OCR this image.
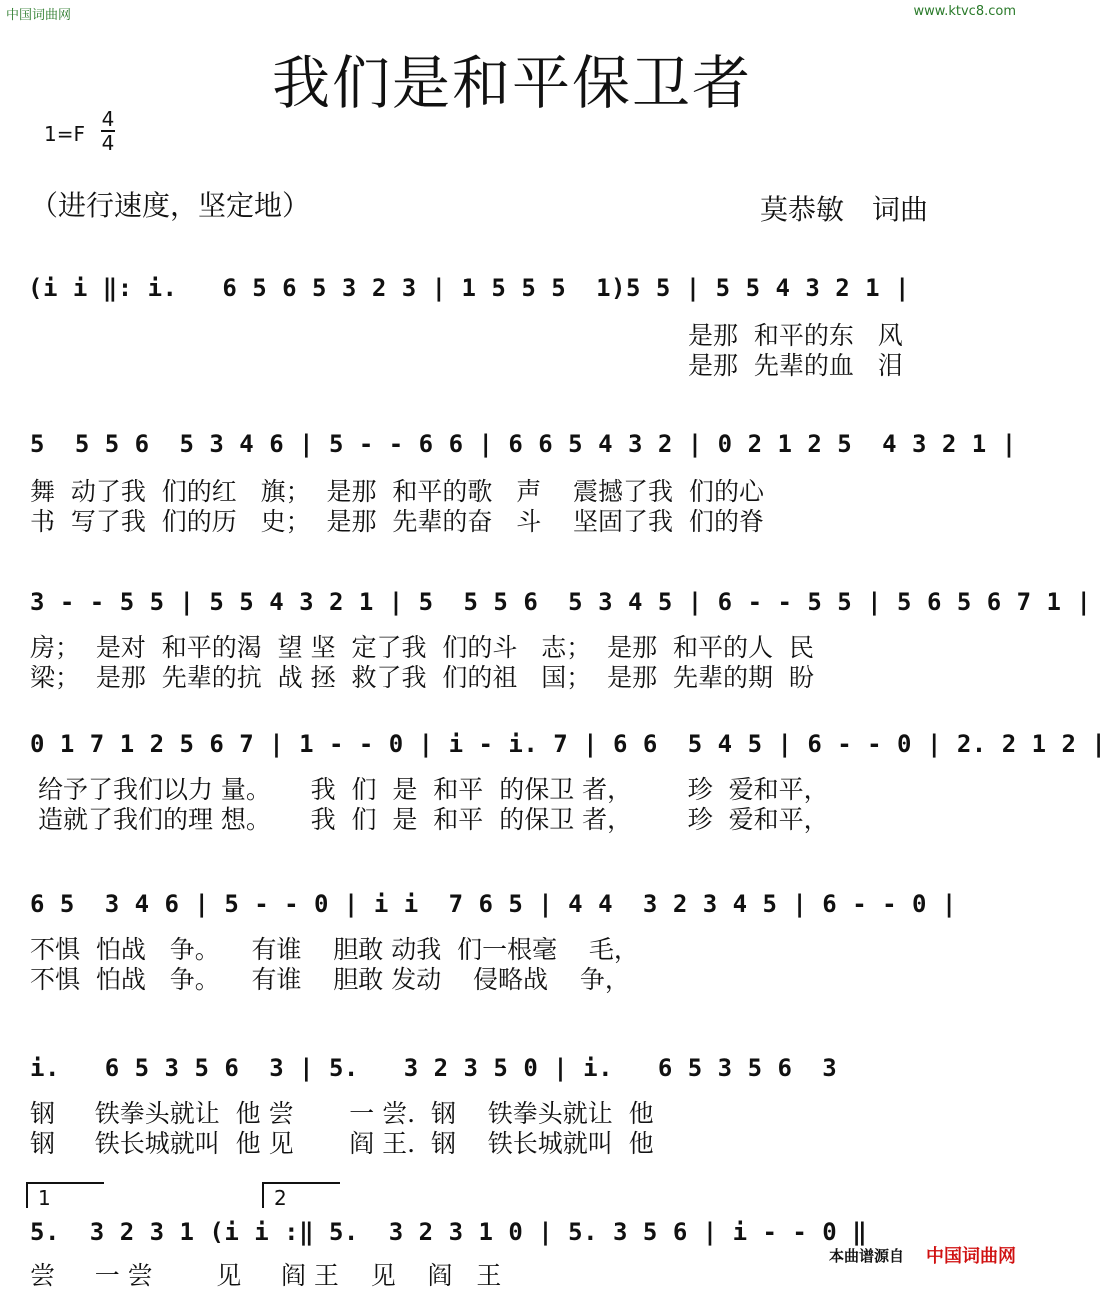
中国词曲网	www.ktvc8.com
我们是和平保卫者
1=F
4
4
（进行速度，坚定地）	莫恭敏　词曲
(i i ‖: i.   6 5 6 5 3 2 3 | 1 5 5 5  1)5 5 | 5 5 4 3 2 1 |
是那  和平的东   风
是那  先辈的血   泪
5  5 5 6  5 3 4 6 | 5 - - 6 6 | 6 6 5 4 3 2 | 0 2 1 2 5  4 3 2 1 |
舞  动了我  们的红   旗；  是那  和平的歌   声    震撼了我  们的心
书  写了我  们的历   史；  是那  先辈的奋   斗    坚固了我  们的脊
3 - - 5 5 | 5 5 4 3 2 1 | 5  5 5 6  5 3 4 5 | 6 - - 5 5 | 5 6 5 6 7 1 |
房；  是对  和平的渴  望 坚  定了我  们的斗   志；  是那  和平的人  民
梁；  是那  先辈的抗  战 拯  救了我  们的祖   国；  是那  先辈的期  盼
0 1 7 1 2 5 6 7 | 1 - - 0 | i - i. 7 | 6 6  5 4 5 | 6 - - 0 | 2. 2 1 2 |
给予了我们以力 量。     我  们  是  和平  的保卫 者，       珍  爱和平，
造就了我们的理 想。     我  们  是  和平  的保卫 者，       珍  爱和平，
6 5  3 4 6 | 5 - - 0 | i i  7 6 5 | 4 4  3 2 3 4 5 | 6 - - 0 |
不惧  怕战   争。    有谁    胆敢 动我  们一根毫    毛，
不惧  怕战   争。    有谁    胆敢 发动    侵略战    争，
i.   6 5 3 5 6  3 | 5.   3 2 3 5 0 | i.   6 5 3 5 6  3
钢     铁拳头就让  他 尝       一 尝.  钢    铁拳头就让  他
钢     铁长城就叫  他 见       阎 王.  钢    铁长城就叫  他
1	2
5.  3 2 3 1 (i i :‖ 5.  3 2 3 1 0 | 5. 3 5 6 | i - - 0 ‖
尝     一 尝        见     阎 王    见    阎   王
本曲谱源自 中国词曲网
